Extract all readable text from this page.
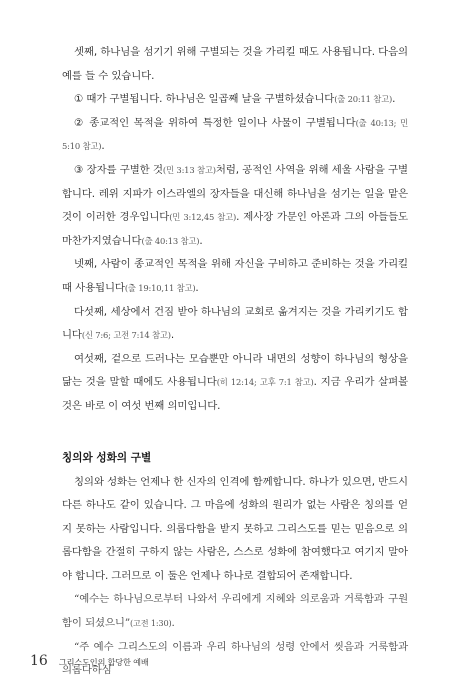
셋째, 하나님을 섬기기 위해 구별되는 것을 가리킬 때도 사용됩니다. 다음의 예를 들 수 있습니다.

① 때가 구별됩니다. 하나님은 일곱째 날을 구별하셨습니다(출 20:11 참고).

② 종교적인 목적을 위하여 특정한 일이나 사물이 구별됩니다(출 40:13; 민 5:10 참고).

③ 장자를 구별한 것(민 3:13 참고)처럼, 공적인 사역을 위해 세울 사람을 구별합니다. 레위 지파가 이스라엘의 장자들을 대신해 하나님을 섬기는 일을 맡은 것이 이러한 경우입니다(민 3:12,45 참고). 제사장 가문인 아론과 그의 아들들도 마찬가지였습니다(출 40:13 참고).

넷째, 사람이 종교적인 목적을 위해 자신을 구비하고 준비하는 것을 가리킬 때 사용됩니다(출 19:10,11 참고).

다섯째, 세상에서 건짐 받아 하나님의 교회로 옮겨지는 것을 가리키기도 합니다(신 7:6; 고전 7:14 참고).

여섯째, 겉으로 드러나는 모습뿐만 아니라 내면의 성향이 하나님의 형상을 닮는 것을 말할 때에도 사용됩니다(히 12:14; 고후 7:1 참고). 지금 우리가 살펴볼 것은 바로 이 여섯 번째 의미입니다.

칭의와 성화의 구별

칭의와 성화는 언제나 한 신자의 인격에 함께합니다. 하나가 있으면, 반드시 다른 하나도 같이 있습니다. 그 마음에 성화의 원리가 없는 사람은 칭의를 얻지 못하는 사람입니다. 의롭다함을 받지 못하고 그리스도를 믿는 믿음으로 의롭다함을 간절히 구하지 않는 사람은, 스스로 성화에 참여했다고 여기지 말아야 합니다. 그러므로 이 둘은 언제나 하나로 결합되어 존재합니다.

“예수는 하나님으로부터 나와서 우리에게 지혜와 의로움과 거룩함과 구원함이 되셨으니”(고전 1:30).

“주 예수 그리스도의 이름과 우리 하나님의 성령 안에서 씻음과 거룩함과 의롭다하심

16 그리스도인의 합당한 예배
